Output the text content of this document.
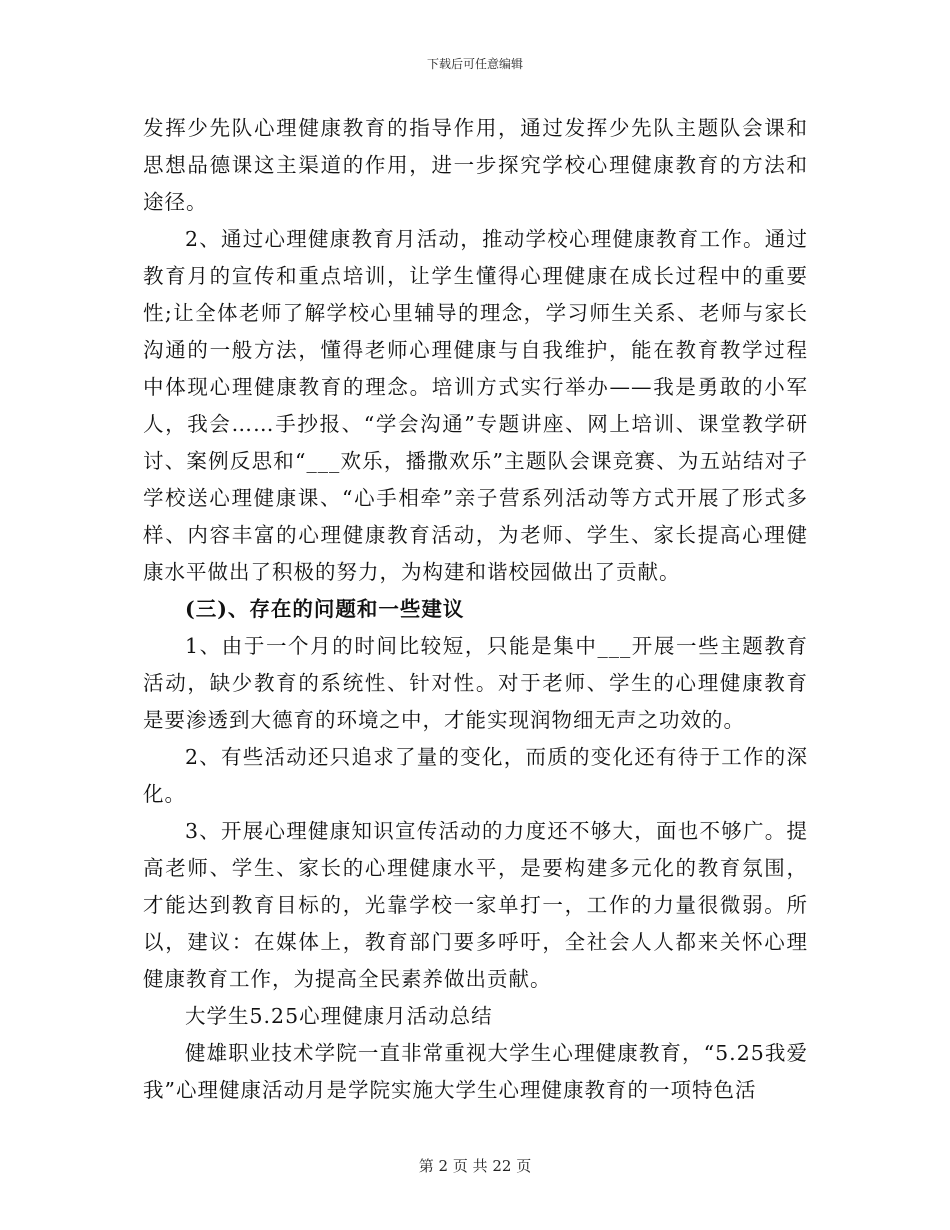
下载后可任意编辑

发挥少先队心理健康教育的指导作用，通过发挥少先队主题队会课和思想品德课这主渠道的作用，进一步探究学校心理健康教育的方法和途径。

2、通过心理健康教育月活动，推动学校心理健康教育工作。通过教育月的宣传和重点培训，让学生懂得心理健康在成长过程中的重要性;让全体老师了解学校心里辅导的理念，学习师生关系、老师与家长沟通的一般方法，懂得老师心理健康与自我维护，能在教育教学过程中体现心理健康教育的理念。培训方式实行举办——我是勇敢的小军人，我会……手抄报、“学会沟通”专题讲座、网上培训、课堂教学研讨、案例反思和“___欢乐，播撒欢乐”主题队会课竞赛、为五站结对子学校送心理健康课、“心手相牵”亲子营系列活动等方式开展了形式多样、内容丰富的心理健康教育活动，为老师、学生、家长提高心理健康水平做出了积极的努力，为构建和谐校园做出了贡献。

(三)、存在的问题和一些建议

1、由于一个月的时间比较短，只能是集中___开展一些主题教育活动，缺少教育的系统性、针对性。对于老师、学生的心理健康教育是要渗透到大德育的环境之中，才能实现润物细无声之功效的。

2、有些活动还只追求了量的变化，而质的变化还有待于工作的深化。

3、开展心理健康知识宣传活动的力度还不够大，面也不够广。提高老师、学生、家长的心理健康水平，是要构建多元化的教育氛围，才能达到教育目标的，光靠学校一家单打一，工作的力量很微弱。所以，建议：在媒体上，教育部门要多呼吁，全社会人人都来关怀心理健康教育工作，为提高全民素养做出贡献。

大学生5.25心理健康月活动总结

健雄职业技术学院一直非常重视大学生心理健康教育，“5.25我爱我”心理健康活动月是学院实施大学生心理健康教育的一项特色活

第 2 页 共 22 页
